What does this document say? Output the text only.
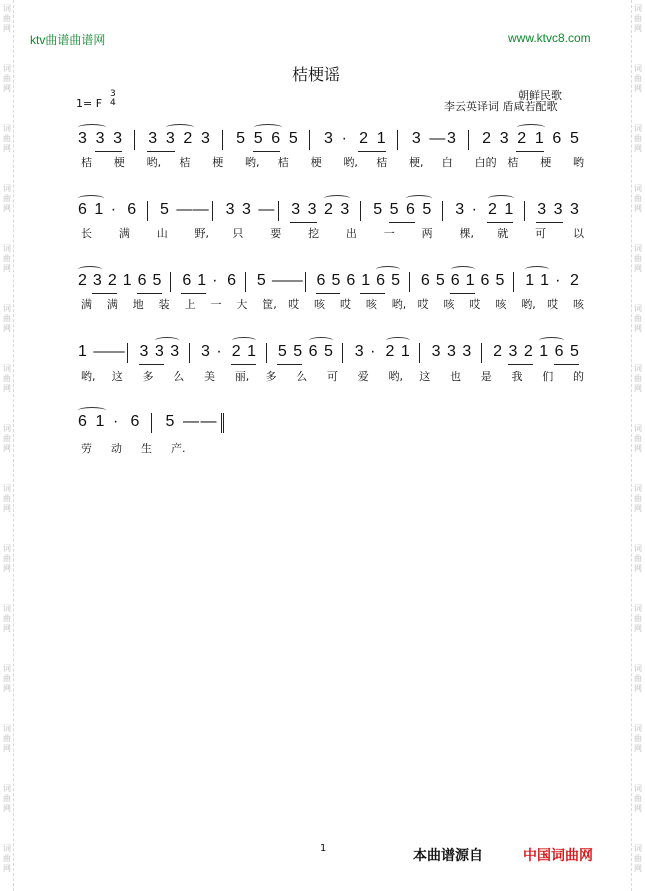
词
曲
网
词
曲
网
词
曲
网
词
曲
网
词
曲
网
词
曲
网
词
曲
网
词
曲
网
词
曲
网
词
曲
网
词
曲
网
词
曲
网
词
曲
网
词
曲
网
词
曲
网
词
曲
网
词
曲
网
词
曲
网
词
曲
网
词
曲
网
词
曲
网
词
曲
网
词
曲
网
词
曲
网
词
曲
网
词
曲
网
词
曲
网
词
曲
网
词
曲
网
词
曲
网
ktv曲谱曲谱网	www.ktvc8.com
桔梗谣
朝鲜民歌
李云英译词 盾咸若配歌
1= F
3
4
3 3 3 3 3 2 3 5 5 6 5 3 · 2 1 3 — 3 2 3 2 1 6 5
桔 梗 哟, 桔 梗 哟, 桔 梗 哟, 桔 梗, 白 白的 桔 梗 哟
6 1 · 6 5 — — 3 3 — 3 3 2 3 5 5 6 5 3 · 2 1 3 3 3
长 满 山 野, 只 要 挖 出 一 两 棵, 就 可 以
2 3 2 1 6 5 6 1 · 6 5 —
— 6 5 6 1 6 5 6 5 6 1 6 5 1 1 · 2
满 满 地 装 上 一 大 筐, 哎 咳 哎 咳 哟, 哎 咳 哎 咳 哟, 哎 咳
1 — — 3 3 3 3 · 2 1 5 5 6 5 3 · 2 1 3 3 3 2 3 2 1 6 5
哟, 这 多 么 美 丽, 多 么 可 爱 哟, 这 也 是 我 们 的
6 1 · 6 5 — —
劳 动 生 产.
1	本曲谱源自	中国词曲网
